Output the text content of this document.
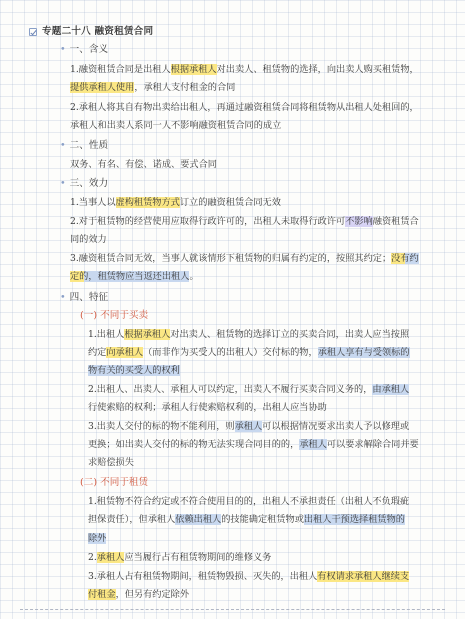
专题二十八 融资租赁合同
• 一、含义
1.融资租赁合同是出租人根据承租人对出卖人、租赁物的选择，向出卖人购买租赁物，
提供承租人使用，承租人支付租金的合同
2.承租人将其自有物出卖给出租人，再通过融资租赁合同将租赁物从出租人处租回的，
承租人和出卖人系同一人不影响融资租赁合同的成立
• 二、性质
双务、有名、有偿、诺成、要式合同
• 三、效力
1.当事人以虚构租赁物方式订立的融资租赁合同无效
2.对于租赁物的经营使用应取得行政许可的，出租人未取得行政许可不影响融资租赁合
同的效力
3.融资租赁合同无效，当事人就该情形下租赁物的归属有约定的，按照其约定；没有约
定的，租赁物应当返还出租人。
• 四、特征
(一) 不同于买卖
1.出租人根据承租人对出卖人、租赁物的选择订立的买卖合同，出卖人应当按照
约定向承租人（而非作为买受人的出租人）交付标的物，承租人享有与受领标的
物有关的买受人的权利
2.出租人、出卖人、承租人可以约定，出卖人不履行买卖合同义务的，由承租人
行使索赔的权利；承租人行使索赔权利的，出租人应当协助
3.出卖人交付的标的物不能利用，则承租人可以根据情况要求出卖人予以修理或
更换；如出卖人交付的标的物无法实现合同目的的，承租人可以要求解除合同并要
求赔偿损失
(二) 不同于租赁
1.租赁物不符合约定或不符合使用目的的，出租人不承担责任（出租人不负瑕疵
担保责任），但承租人依赖出租人的技能确定租赁物或出租人干预选择租赁物的
除外
2.承租人应当履行占有租赁物期间的维修义务
3.承租人占有租赁物期间，租赁物毁损、灭失的，出租人有权请求承租人继续支
付租金，但另有约定除外
